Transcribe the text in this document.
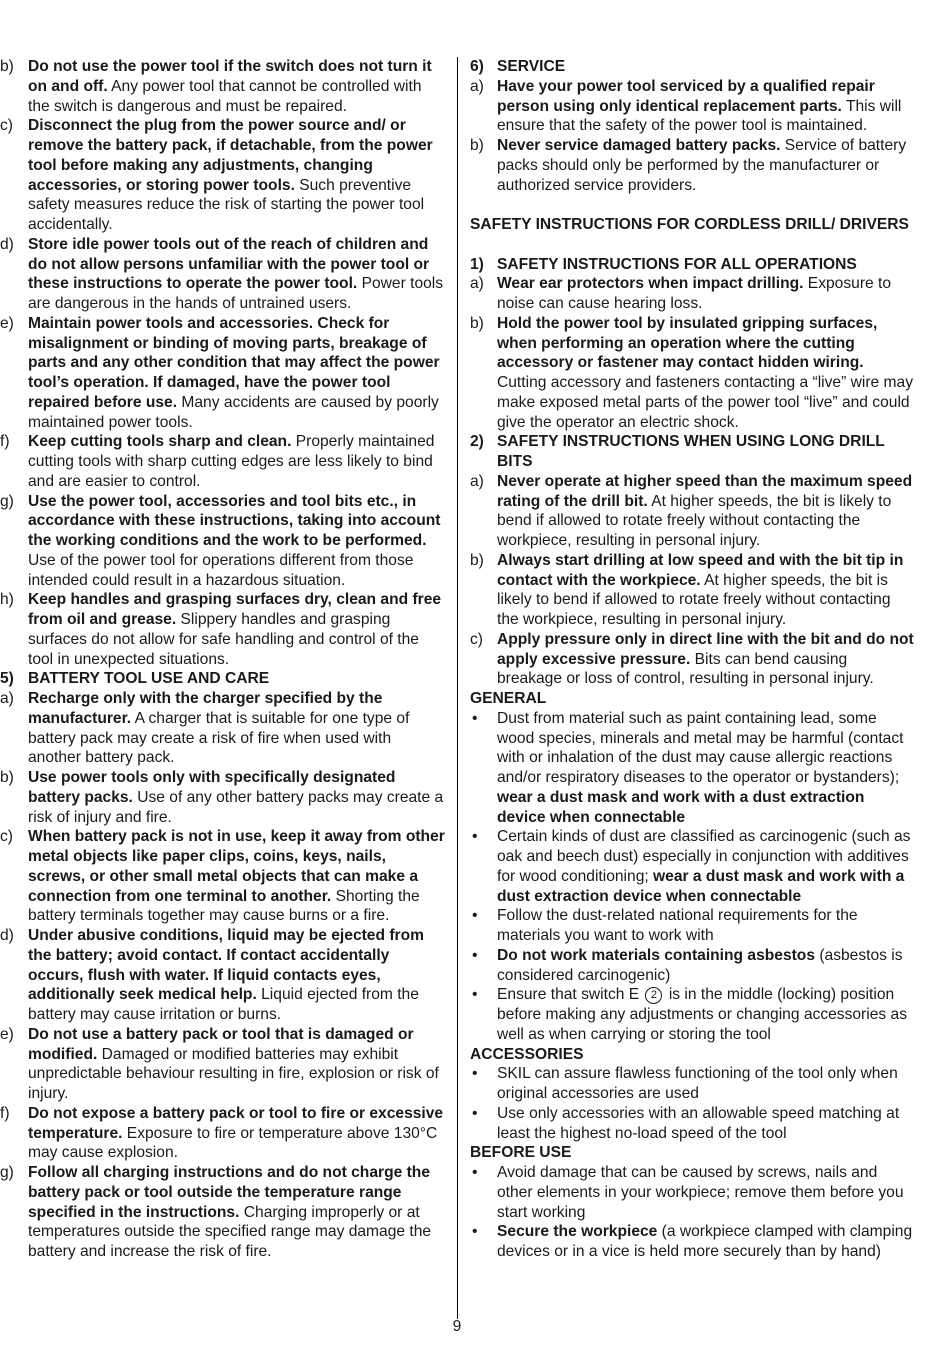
b) Do not use the power tool if the switch does not turn it on and off. Any power tool that cannot be controlled with the switch is dangerous and must be repaired.
c) Disconnect the plug from the power source and/ or remove the battery pack, if detachable, from the power tool before making any adjustments, changing accessories, or storing power tools. Such preventive safety measures reduce the risk of starting the power tool accidentally.
d) Store idle power tools out of the reach of children and do not allow persons unfamiliar with the power tool or these instructions to operate the power tool. Power tools are dangerous in the hands of untrained users.
e) Maintain power tools and accessories. Check for misalignment or binding of moving parts, breakage of parts and any other condition that may affect the power tool’s operation. If damaged, have the power tool repaired before use. Many accidents are caused by poorly maintained power tools.
f)	Keep cutting tools sharp and clean. Properly maintained cutting tools with sharp cutting edges are less likely to bind and are easier to control.
g) Use the power tool, accessories and tool bits etc., in accordance with these instructions, taking into account the working conditions and the work to be performed. Use of the power tool for operations different from those intended could result in a hazardous situation.
h) Keep handles and grasping surfaces dry, clean and free from oil and grease. Slippery handles and grasping surfaces do not allow for safe handling and control of the tool in unexpected situations.
5) BATTERY TOOL USE AND CARE
a) Recharge only with the charger specified by the manufacturer. A charger that is suitable for one type of battery pack may create a risk of fire when used with another battery pack.
b) Use power tools only with specifically designated battery packs. Use of any other battery packs may create a risk of injury and fire.
c) When battery pack is not in use, keep it away from other metal objects like paper clips, coins, keys, nails, screws, or other small metal objects that can make a connection from one terminal to another. Shorting the battery terminals together may cause burns or a fire.
d) Under abusive conditions, liquid may be ejected from the battery; avoid contact. If contact accidentally occurs, flush with water. If liquid contacts eyes, additionally seek medical help. Liquid ejected from the battery may cause irritation or burns.
e) Do not use a battery pack or tool that is damaged or modified. Damaged or modified batteries may exhibit unpredictable behaviour resulting in fire, explosion or risk of injury.
f)	Do not expose a battery pack or tool to fire or excessive temperature. Exposure to fire or temperature above 130°C may cause explosion.
g) Follow all charging instructions and do not charge the battery pack or tool outside the temperature range specified in the instructions. Charging improperly or at temperatures outside the specified range may damage the battery and increase the risk of fire.
6) SERVICE
a) Have your power tool serviced by a qualified repair person using only identical replacement parts. This will ensure that the safety of the power tool is maintained.
b) Never service damaged battery packs. Service of battery packs should only be performed by the manufacturer or authorized service providers.
SAFETY INSTRUCTIONS FOR CORDLESS DRILL/ DRIVERS
1) SAFETY INSTRUCTIONS FOR ALL OPERATIONS
a) Wear ear protectors when impact drilling. Exposure to noise can cause hearing loss.
b) Hold the power tool by insulated gripping surfaces, when performing an operation where the cutting accessory or fastener may contact hidden wiring. Cutting accessory and fasteners contacting a “live” wire may make exposed metal parts of the power tool “live” and could give the operator an electric shock.
2) SAFETY INSTRUCTIONS WHEN USING LONG DRILL BITS
a) Never operate at higher speed than the maximum speed rating of the drill bit. At higher speeds, the bit is likely to bend if allowed to rotate freely without contacting the workpiece, resulting in personal injury.
b) Always start drilling at low speed and with the bit tip in contact with the workpiece. At higher speeds, the bit is likely to bend if allowed to rotate freely without contacting the workpiece, resulting in personal injury.
c) Apply pressure only in direct line with the bit and do not apply excessive pressure. Bits can bend causing breakage or loss of control, resulting in personal injury.
GENERAL
•	Dust from material such as paint containing lead, some wood species, minerals and metal may be harmful (contact with or inhalation of the dust may cause allergic reactions and/or respiratory diseases to the operator or bystanders); wear a dust mask and work with a dust extraction device when connectable
•	Certain kinds of dust are classified as carcinogenic (such as oak and beech dust) especially in conjunction with additives for wood conditioning; wear a dust mask and work with a dust extraction device when connectable
•	Follow the dust-related national requirements for the materials you want to work with
•	Do not work materials containing asbestos (asbestos is considered carcinogenic)
•	Ensure that switch E 2 is in the middle (locking) position before making any adjustments or changing accessories as well as when carrying or storing the tool
ACCESSORIES
•	SKIL can assure flawless functioning of the tool only when original accessories are used
•	Use only accessories with an allowable speed matching at least the highest no-load speed of the tool
BEFORE USE
•	Avoid damage that can be caused by screws, nails and other elements in your workpiece; remove them before you start working
•	Secure the workpiece (a workpiece clamped with clamping devices or in a vice is held more securely than by hand)
9
